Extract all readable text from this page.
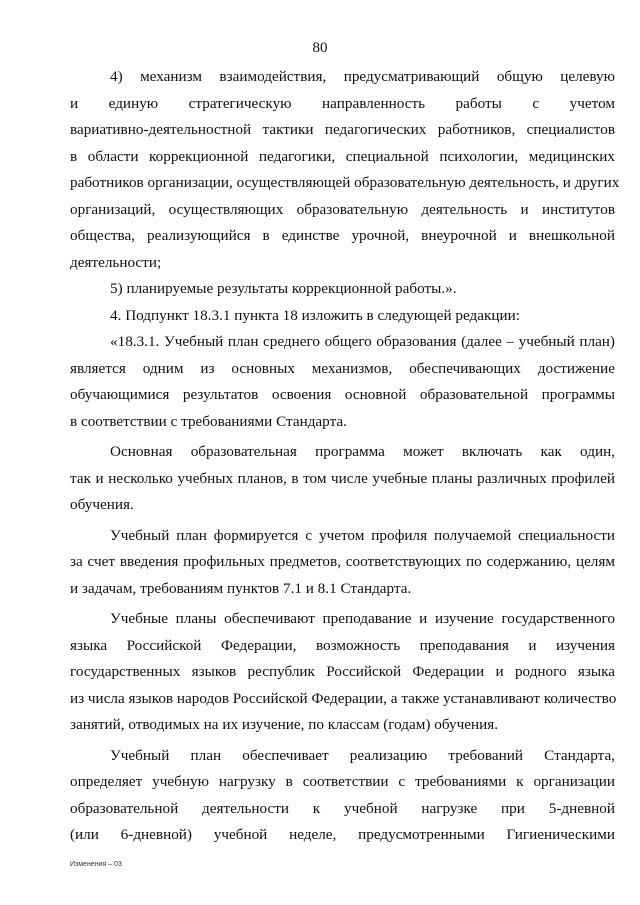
80
4) механизм взаимодействия, предусматривающий общую целевую
и единую стратегическую направленность работы с учетом
вариативно-деятельностной тактики педагогических работников, специалистов
в области коррекционной педагогики, специальной психологии, медицинских
работников организации, осуществляющей образовательную деятельность, и других
организаций, осуществляющих образовательную деятельность и институтов
общества, реализующийся в единстве урочной, внеурочной и внешкольной
деятельности;
5) планируемые результаты коррекционной работы.».
4. Подпункт 18.3.1 пункта 18 изложить в следующей редакции:
«18.3.1. Учебный план среднего общего образования (далее – учебный план)
является одним из основных механизмов, обеспечивающих достижение
обучающимися результатов освоения основной образовательной программы
в соответствии с требованиями Стандарта.
Основная образовательная программа может включать как один,
так и несколько учебных планов, в том числе учебные планы различных профилей
обучения.
Учебный план формируется с учетом профиля получаемой специальности
за счет введения профильных предметов, соответствующих по содержанию, целям
и задачам, требованиям пунктов 7.1 и 8.1 Стандарта.
Учебные планы обеспечивают преподавание и изучение государственного
языка Российской Федерации, возможность преподавания и изучения
государственных языков республик Российской Федерации и родного языка
из числа языков народов Российской Федерации, а также устанавливают количество
занятий, отводимых на их изучение, по классам (годам) обучения.
Учебный план обеспечивает реализацию требований Стандарта,
определяет учебную нагрузку в соответствии с требованиями к организации
образовательной деятельности к учебной нагрузке при 5-дневной
(или 6-дневной) учебной неделе, предусмотренными Гигиеническими
Изменения – 03
